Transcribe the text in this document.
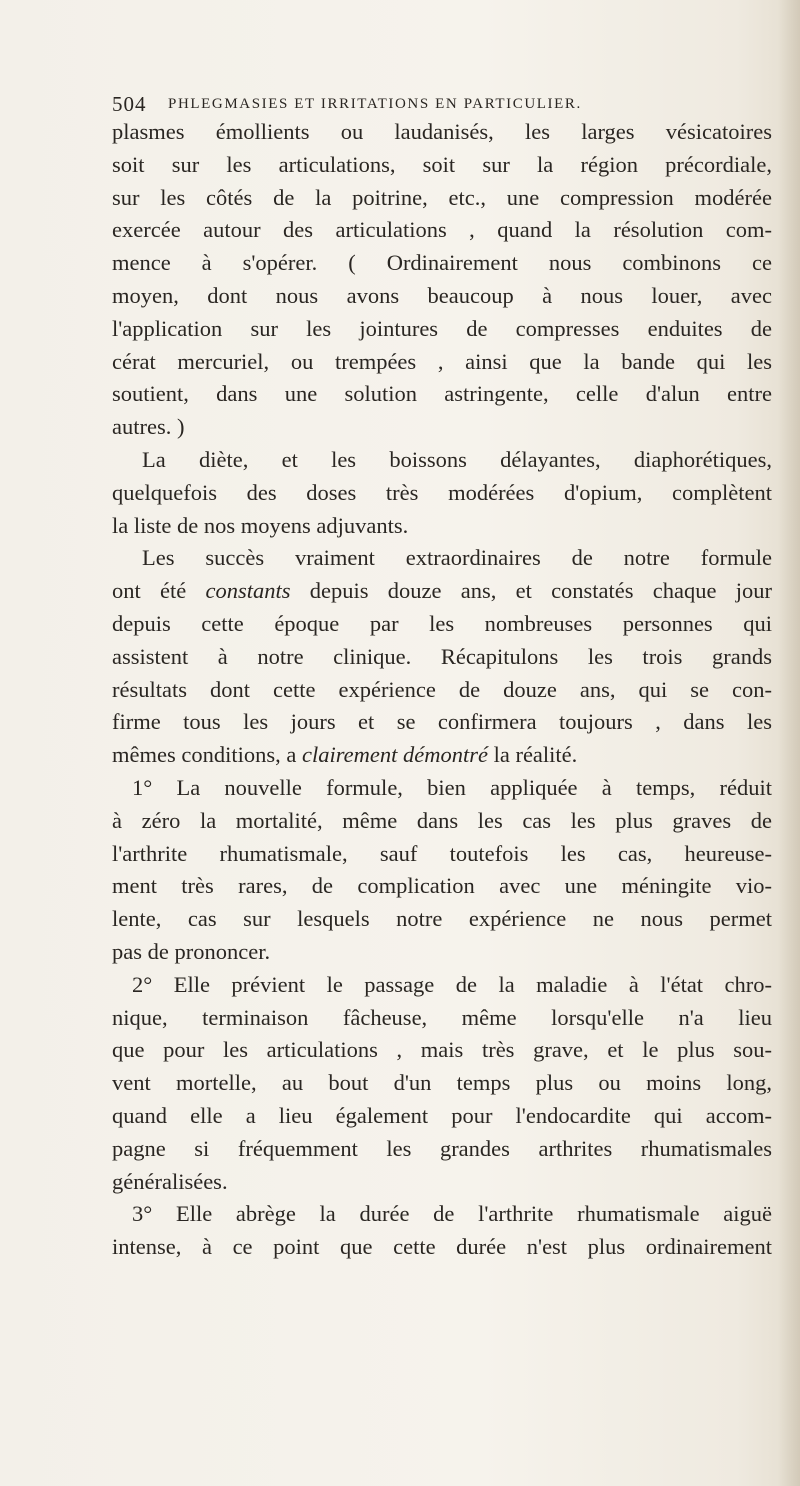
504 PHLEGMASIES ET IRRITATIONS EN PARTICULIER.
plasmes émollients ou laudanisés, les larges vésicatoires
soit sur les articulations, soit sur la région précordiale,
sur les côtés de la poitrine, etc., une compression modérée
exercée autour des articulations , quand la résolution com-
mence à s'opérer. ( Ordinairement nous combinons ce
moyen, dont nous avons beaucoup à nous louer, avec
l'application sur les jointures de compresses enduites de
cérat mercuriel, ou trempées , ainsi que la bande qui les
soutient, dans une solution astringente, celle d'alun entre
autres. )
La diète, et les boissons délayantes, diaphorétiques,
quelquefois des doses très modérées d'opium, complètent
la liste de nos moyens adjuvants.
Les succès vraiment extraordinaires de notre formule
ont été constants depuis douze ans, et constatés chaque jour
depuis cette époque par les nombreuses personnes qui
assistent à notre clinique. Récapitulons les trois grands
résultats dont cette expérience de douze ans, qui se con-
firme tous les jours et se confirmera toujours , dans les
mêmes conditions, a clairement démontré la réalité.
1° La nouvelle formule, bien appliquée à temps, réduit
à zéro la mortalité, même dans les cas les plus graves de
l'arthrite rhumatismale, sauf toutefois les cas, heureuse-
ment très rares, de complication avec une méningite vio-
lente, cas sur lesquels notre expérience ne nous permet
pas de prononcer.
2° Elle prévient le passage de la maladie à l'état chro-
nique, terminaison fâcheuse, même lorsqu'elle n'a lieu
que pour les articulations , mais très grave, et le plus sou-
vent mortelle, au bout d'un temps plus ou moins long,
quand elle a lieu également pour l'endocardite qui accom-
pagne si fréquemment les grandes arthrites rhumatismales
généralisées.
3° Elle abrège la durée de l'arthrite rhumatismale aiguë
intense, à ce point que cette durée n'est plus ordinairement
